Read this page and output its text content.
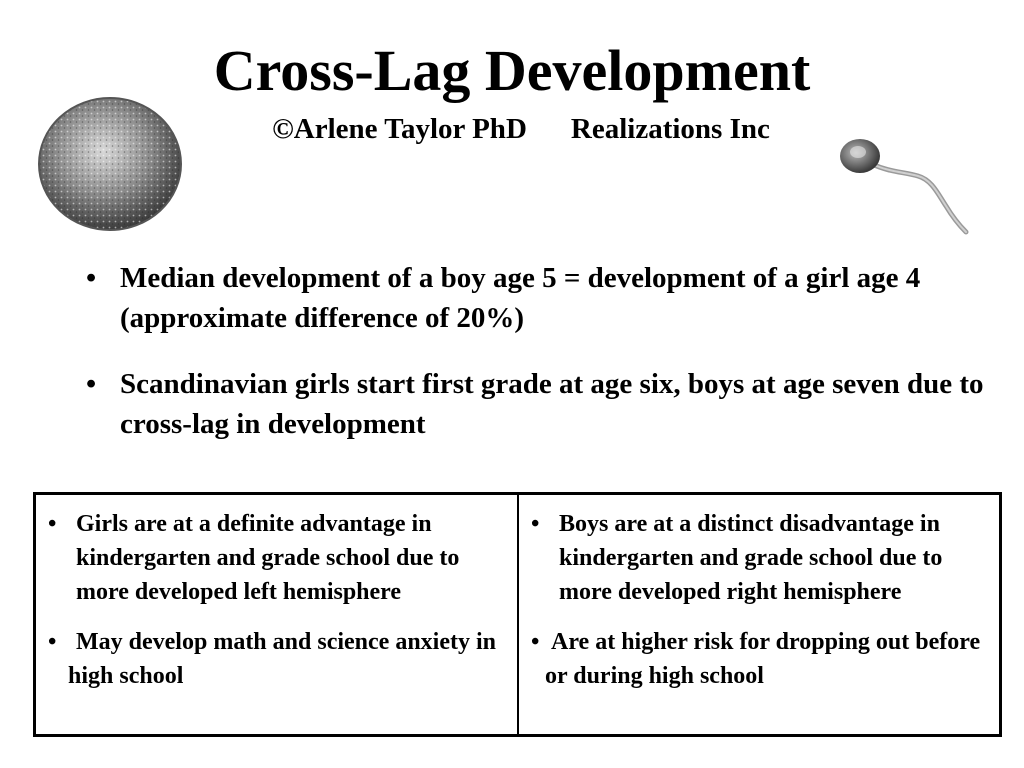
Cross-Lag Development
©Arlene Taylor PhD Realizations Inc
• Median development of a boy age 5 = development of a girl age 4 (approximate difference of 20%)
• Scandinavian girls start first grade at age six, boys at age seven due to cross-lag in development
• Girls are at a definite advantage in kindergarten and grade school due to more developed left hemisphere
• May develop math and science anxiety in high school
• Boys are at a distinct disadvantage in kindergarten and grade school due to more developed right hemisphere
• Are at higher risk for dropping out before or during high school
